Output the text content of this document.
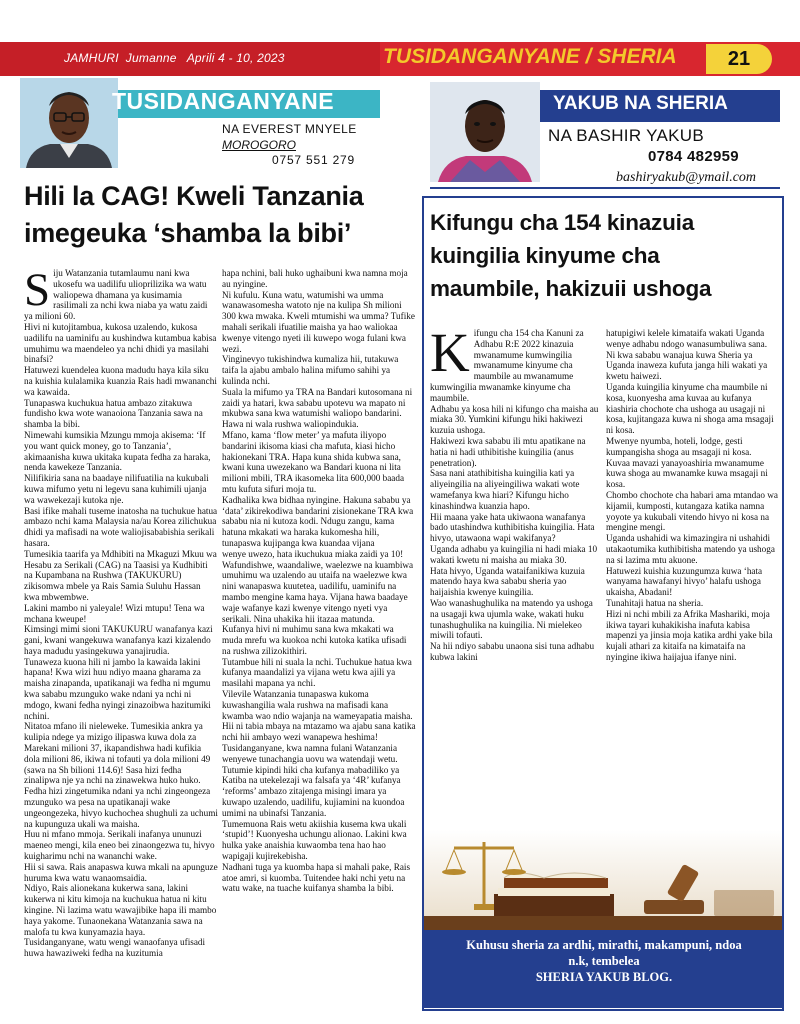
JAMHURI  Jumanne   Aprili 4 - 10, 2023	TUSIDANGANYANE / SHERIA	21
TUSIDANGANYANE
NA EVEREST MNYELE
MOROGORO
0757 551 279
YAKUB NA SHERIA
NA BASHIR YAKUB
0784 482959
bashiryakub@ymail.com
Hili la CAG! Kweli Tanzania
imegeuka ‘shamba la bibi’

Siju Watanzania tutamlaumu nani kwa ukosefu wa uadilifu ulioprilizika wa watu waliopewa dhamana ya kusimamia rasilimali za nchi kwa niaba ya watu zaidi ya milioni 60.

Hivi ni kutojitambua, kukosa uzalendo, kukosa uadilifu na uaminifu au kushindwa kutambua kabisa umuhimu wa maendeleo ya nchi dhidi ya masilahi binafsi?

Hatuwezi kuendelea kuona madudu haya kila siku na kuishia kulalamika kuanzia Rais hadi mwananchi wa kawaida.

Tunapaswa kuchukua hatua ambazo zitakuwa fundisho kwa wote wanaoiona Tanzania sawa na shamba la bibi.

Nimewahi kumsikia Mzungu mmoja akisema: ‘If you want quick money, go to Tanzania’, akimaanisha kuwa ukitaka kupata fedha za haraka, nenda kawekeze Tanzania.

Nilifikiria sana na baadaye nilifuatilia na kukubali kuwa mifumo yetu ni legevu sana kuhimili ujanja wa wawekezaji kutoka nje.

Basi ifike mahali tuseme inatosha na tuchukue hatua ambazo nchi kama Malaysia na/au Korea zilichukua dhidi ya mafisadi na wote waliojisababishia serikali hasara.

Tumesikia taarifa ya Mdhibiti na Mkaguzi Mkuu wa Hesabu za Serikali (CAG) na Taasisi ya Kudhibiti na Kupambana na Rushwa (TAKUKURU) zikisomwa mbele ya Rais Samia Suluhu Hassan kwa mbwembwe.

Lakini mambo ni yaleyale! Wizi mtupu! Tena wa mchana kweupe!

Kimsingi mimi sioni TAKUKURU wanafanya kazi gani, kwani wangekuwa wanafanya kazi kizalendo haya madudu yasingekuwa yanajirudia.

Tunaweza kuona hili ni jambo la kawaida lakini hapana! Kwa wizi huu ndiyo maana gharama za maisha zinapanda, upatikanaji wa fedha ni mgumu kwa sababu mzunguko wake ndani ya nchi ni mdogo, kwani fedha nyingi zinazoibwa hazitumiki nchini.

Nitatoa mfano ili nieleweke. Tumesikia ankra ya kulipia ndege ya mizigo ilipaswa kuwa dola za Marekani milioni 37, ikapandishwa hadi kufikia dola milioni 86, ikiwa ni tofauti ya dola milioni 49 (sawa na Sh bilioni 114.6)! Sasa hizi fedha zinalipwa nje ya nchi na zinawekwa huko huko. Fedha hizi zingetumika ndani ya nchi zingeongeza mzunguko wa pesa na upatikanaji wake ungeongezeka, hivyo kuchochea shughuli za uchumi na kupunguza ukali wa maisha.

Huu ni mfano mmoja. Serikali inafanya ununuzi maeneo mengi, kila eneo bei zinaongezwa tu, hivyo kuigharimu nchi na wananchi wake.

Hii si sawa. Rais anapaswa kuwa mkali na apunguze huruma kwa watu wanaomsaidia.

Ndiyo, Rais alionekana kukerwa sana, lakini kukerwa ni kitu kimoja na kuchukua hatua ni kitu kingine. Ni lazima watu wawajibike hapa ili mambo haya yakome. Tunaonekana Watanzania sawa na malofa tu kwa kunyamazia haya.

Tusidanganyane, watu wengi wanaofanya ufisadi huwa hawaziweki fedha na kuzitumia

hapa nchini, bali huko ughaibuni kwa namna moja au nyingine.

Ni kufulu. Kuna watu, watumishi wa umma wanawasomesha watoto nje na kulipa Sh milioni 300 kwa mwaka. Kweli mtumishi wa umma? Tufike mahali serikali ifuatilie maisha ya hao waliokaa kwenye vitengo nyeti ili kuwepo woga fulani kwa wezi.

Vinginevyo tukishindwa kumaliza hii, tutakuwa taifa la ajabu ambalo halina mifumo sahihi ya kulinda nchi.

Suala la mifumo ya TRA na Bandari kutosomana ni zaidi ya hatari, kwa sababu upotevu wa mapato ni mkubwa sana kwa watumishi waliopo bandarini. Hawa ni wala rushwa waliopindukia.

Mfano, kama ‘flow meter’ ya mafuta iliyopo bandarini ikisoma kiasi cha mafuta, kiasi hicho hakionekani TRA. Hapa kuna shida kubwa sana, kwani kuna uwezekano wa Bandari kuona ni lita milioni mbili, TRA ikasomeka lita 600,000 baada mtu kufuta sifuri moja tu.

Kadhalika kwa bidhaa nyingine. Hakuna sababu ya ‘data’ zikirekodiwa bandarini zisionekane TRA kwa sababu nia ni kutoza kodi. Ndugu zangu, kama hatuna mkakati wa haraka kukomesha hili, tunapaswa kujipanga kwa kuandaa vijana

wenye uwezo, hata ikuchukua miaka zaidi ya 10!

Wafundishwe, waandaliwe, waelezwe na kuambiwa umuhimu wa uzalendo au utaifa na waelezwe kwa nini wanapaswa kuutetea, uadilifu, uaminifu na mambo mengine kama haya. Vijana hawa baadaye waje wafanye kazi kwenye vitengo nyeti vya serikali. Nina uhakika hii itazaa matunda.

Kufanya hivi ni muhimu sana kwa mkakati wa muda mrefu wa kuokoa nchi kutoka katika ufisadi na rushwa zilizokithiri.

Tutambue hili ni suala la nchi. Tuchukue hatua kwa kufanya maandalizi ya vijana wetu kwa ajili ya masilahi mapana ya nchi.

Vilevile Watanzania tunapaswa kukoma kuwashangilia wala rushwa na mafisadi kana kwamba wao ndio wajanja na wameyapatia maisha. Hii ni tabia mbaya na mtazamo wa ajabu sana katika nchi hii ambayo wezi wanapewa heshima!

Tusidanganyane, kwa namna fulani Watanzania wenyewe tunachangia uovu wa watendaji wetu.

Tutumie kipindi hiki cha kufanya mabadiliko ya Katiba na utekelezaji wa falsafa ya ‘4R’ kufanya ‘reforms’ ambazo zitajenga misingi imara ya kuwapo uzalendo, uadilifu, kujiamini na kuondoa umimi na ubinafsi Tanzania.

Tumemuona Rais wetu akiishia kusema kwa ukali ‘stupid’! Kuonyesha uchungu alionao. Lakini kwa hulka yake anaishia kuwaomba tena hao hao wapigaji kujirekebisha.

Nadhani tuga ya kuomba hapa si mahali pake, Rais atoe amri, si kuomba. Tuitendee haki nchi yetu na watu wake, na tuache kuifanya shamba la bibi.

Kifungu cha 154 kinazuia
kuingilia kinyume cha
maumbile, hakizuii ushoga

Kifungu cha 154 cha Kanuni za Adhabu R:E 2022 kinazuia mwanamume kumwingilia mwanamume kinyume cha maumbile au mwanamume kumwingilia mwanamke kinyume cha maumbile.

Adhabu ya kosa hili ni kifungo cha maisha au miaka 30. Yumkini kifungu hiki hakiwezi kuzuia ushoga.

Hakiwezi kwa sababu ili mtu apatikane na hatia ni hadi uthibitishe kuingilia (anus penetration).

Sasa nani atathibitisha kuingilia kati ya aliyeingilia na aliyeingiliwa wakati wote wamefanya kwa hiari? Kifungu hicho kinashindwa kuanzia hapo.

Hii maana yake hata ukiwaona wanafanya bado utashindwa kuthibitisha kuingilia. Hata hivyo, utawaona wapi wakifanya?

Uganda adhabu ya kuingilia ni hadi miaka 10 wakati kwetu ni maisha au miaka 30.

Hata hivyo, Uganda wataifanikiwa kuzuia matendo haya kwa sababu sheria yao haijaishia kwenye kuingilia.

Wao wanashughulika na matendo ya ushoga na usagaji kwa ujumla wake, wakati huku tunashughulika na kuingilia. Ni mielekeo miwili tofauti.

Na hii ndiyo sababu unaona sisi tuna adhabu kubwa lakini

hatupigiwi kelele kimataifa wakati Uganda wenye adhabu ndogo wanasumbuliwa sana.

Ni kwa sababu wanajua kuwa Sheria ya Uganda inaweza kufuta janga hili wakati ya kwetu haiwezi.

Uganda kuingilia kinyume cha maumbile ni kosa, kuonyesha ama kuvaa au kufanya kiashiria chochote cha ushoga au usagaji ni kosa, kujitangaza kuwa ni shoga ama msagaji ni kosa.

Mwenye nyumba, hoteli, lodge, gesti kumpangisha shoga au msagaji ni kosa.

Kuvaa mavazi yanayoashiria mwanamume kuwa shoga au mwanamke kuwa msagaji ni kosa.

Chombo chochote cha habari ama mtandao wa kijamii, kumposti, kutangaza katika namna yoyote ya kukubali vitendo hivyo ni kosa na mengine mengi.

Uganda ushahidi wa kimazingira ni ushahidi utakaotumika kuthibitisha matendo ya ushoga na si lazima mtu akuone.

Hatuwezi kuishia kuzungumza kuwa ‘hata wanyama hawafanyi hivyo’ halafu ushoga ukaisha, Abadani!

Tunahitaji hatua na sheria.

Hizi ni nchi mbili za Afrika Mashariki, moja ikiwa tayari kuhakikisha inafuta kabisa mapenzi ya jinsia moja katika ardhi yake bila kujali athari za kitaifa na kimataifa na nyingine ikiwa haijajua ifanye nini.

Kuhusu sheria za ardhi, mirathi, makampuni, ndoa
n.k, tembelea
SHERIA YAKUB BLOG.
